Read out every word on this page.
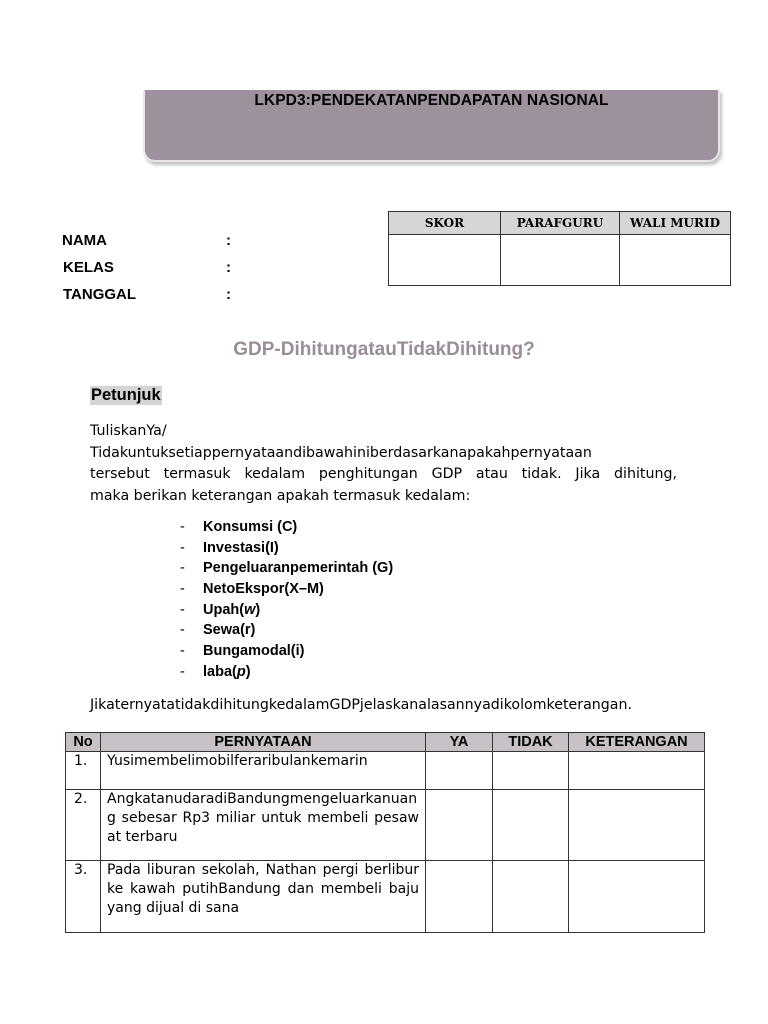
LKPD3:PENDEKATANPENDAPATAN NASIONAL
SKOR	PARAFGURU	WALI MURID

NAMA	:
KELAS	:
TANGGAL	:
GDP-DihitungatauTidakDihitung?
Petunjuk
TuliskanYa/
Tidakuntuksetiappernyataandibawahiniberdasarkanapakahpernyataan
tersebut termasuk kedalam penghitungan GDP atau tidak. Jika dihitung,
maka berikan keterangan apakah termasuk kedalam:
- Konsumsi (C)
- Investasi(I)
- Pengeluaranpemerintah (G)
- NetoEkspor(X–M)
- Upah(w)
- Sewa(r)
- Bungamodal(i)
- laba(p)
JikaternyatatidakdihitungkedalamGDPjelaskanalasannyadikolomketerangan.
No	PERNYATAAN	YA	TIDAK	KETERANGAN
1.	Yusimembelimobilferaribulankemarin			
2.	AngkatanudaradiBandungmengeluarkanuang sebesar Rp3 miliar untuk membeli pesawat terbaru			
3.	Pada liburan sekolah, Nathan pergi berlibur ke kawah putihBandung dan membeli baju yang dijual di sana			
